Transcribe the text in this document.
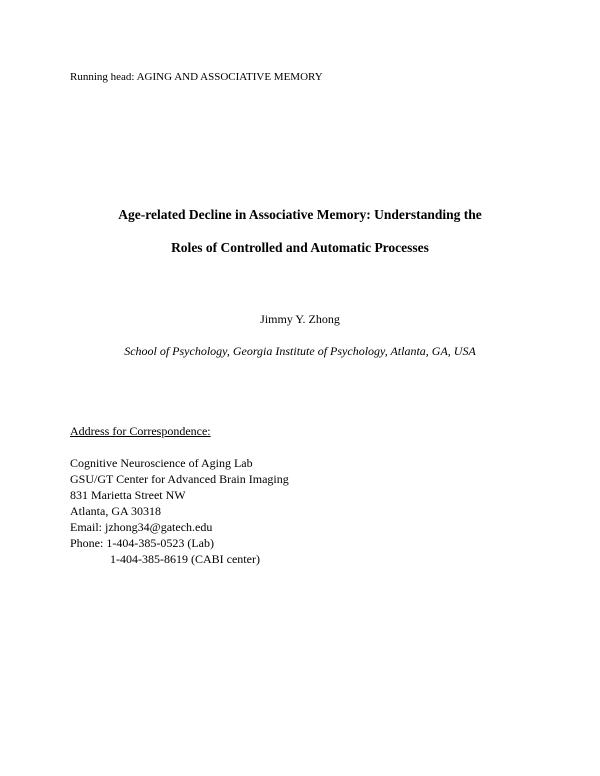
Running head: AGING AND ASSOCIATIVE MEMORY
Age-related Decline in Associative Memory: Understanding the
Roles of Controlled and Automatic Processes
Jimmy Y. Zhong
School of Psychology, Georgia Institute of Psychology, Atlanta, GA, USA
Address for Correspondence:
Cognitive Neuroscience of Aging Lab
GSU/GT Center for Advanced Brain Imaging
831 Marietta Street NW
Atlanta, GA 30318
Email: jzhong34@gatech.edu
Phone: 1-404-385-0523 (Lab)
1-404-385-8619 (CABI center)
